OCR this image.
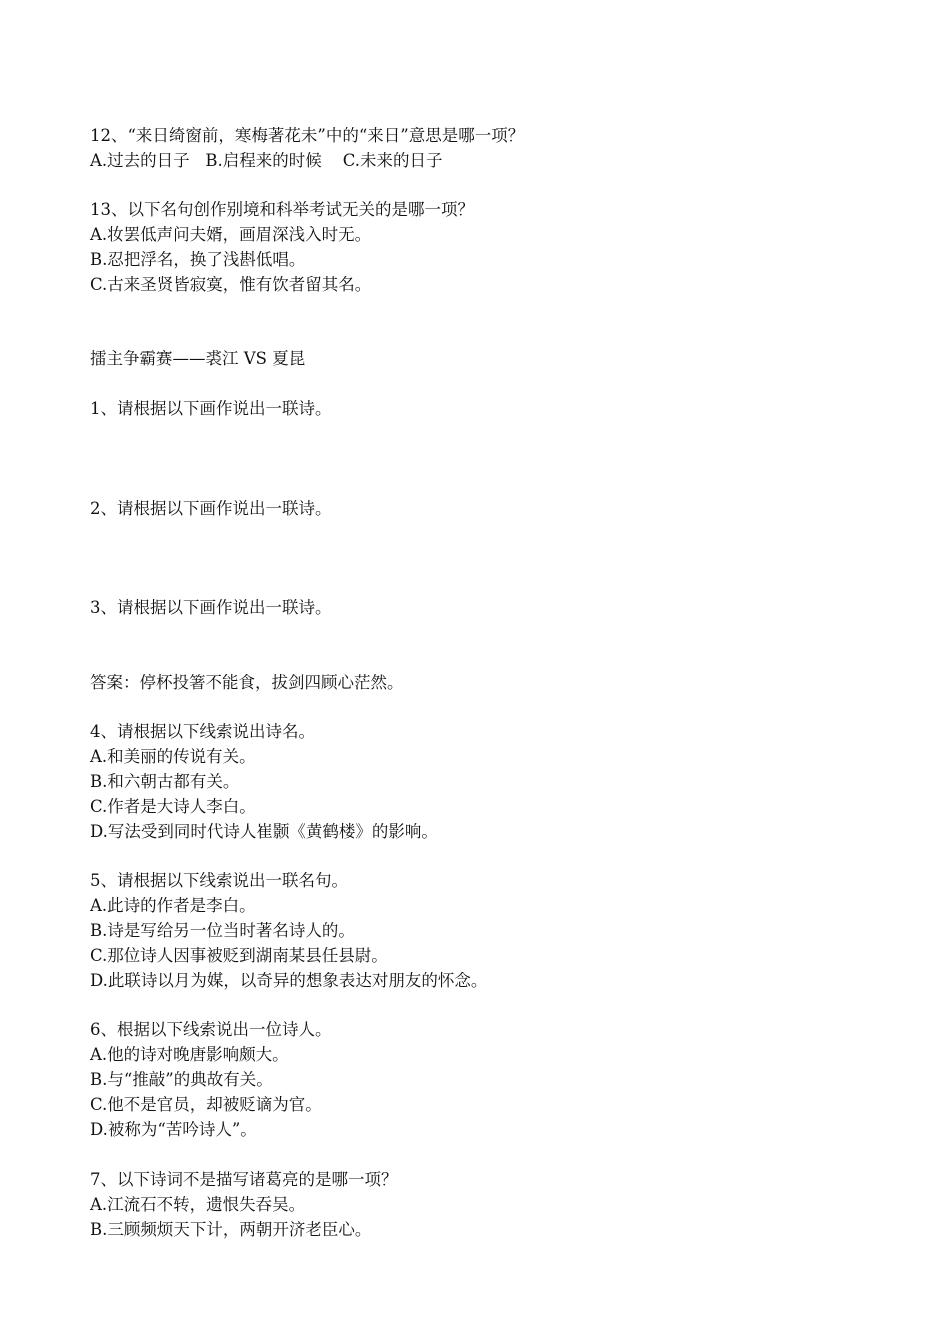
12、“来日绮窗前，寒梅著花未”中的“来日”意思是哪一项？
A.过去的日子   B.启程来的时候    C.未来的日子
13、以下名句创作别境和科举考试无关的是哪一项？
A.妆罢低声问夫婿，画眉深浅入时无。
B.忍把浮名，换了浅斟低唱。
C.古来圣贤皆寂寞，惟有饮者留其名。
擂主争霸赛——裘江 VS 夏昆
1、请根据以下画作说出一联诗。
2、请根据以下画作说出一联诗。
3、请根据以下画作说出一联诗。
答案：停杯投箸不能食，拔剑四顾心茫然。
4、请根据以下线索说出诗名。
A.和美丽的传说有关。
B.和六朝古都有关。
C.作者是大诗人李白。
D.写法受到同时代诗人崔颢《黄鹤楼》的影响。
5、请根据以下线索说出一联名句。
A.此诗的作者是李白。
B.诗是写给另一位当时著名诗人的。
C.那位诗人因事被贬到湖南某县任县尉。
D.此联诗以月为媒，以奇异的想象表达对朋友的怀念。
6、根据以下线索说出一位诗人。
A.他的诗对晚唐影响颇大。
B.与“推敲”的典故有关。
C.他不是官员，却被贬谪为官。
D.被称为“苦吟诗人”。
7、以下诗词不是描写诸葛亮的是哪一项？
A.江流石不转，遗恨失吞吴。
B.三顾频烦天下计，两朝开济老臣心。
